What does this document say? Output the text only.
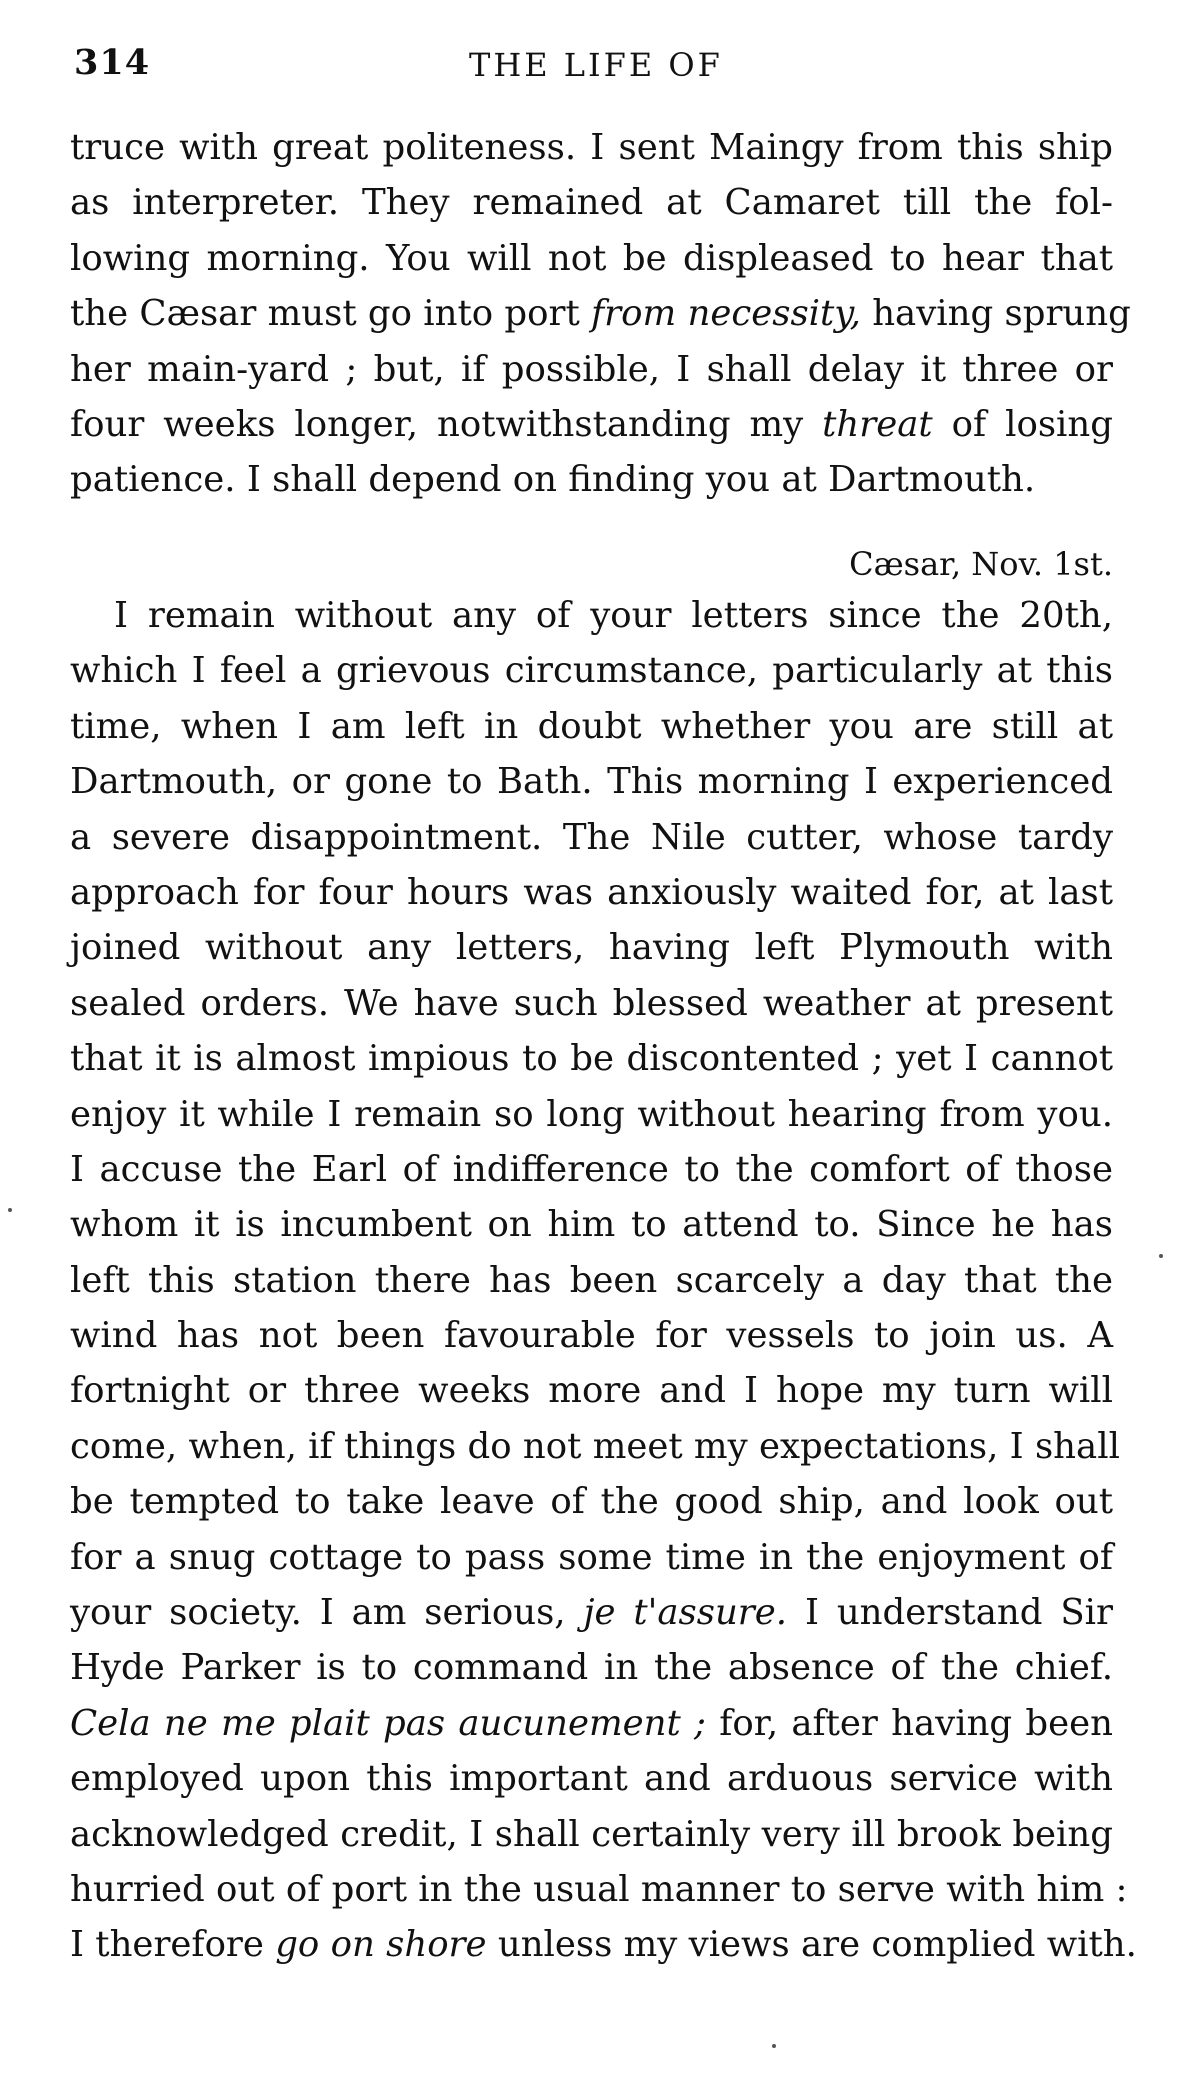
314	THE LIFE OF
truce with great politeness. I sent Maingy from this ship
as interpreter. They remained at Camaret till the fol-
lowing morning. You will not be displeased to hear that
the Cæsar must go into port from necessity, having sprung
her main-yard ; but, if possible, I shall delay it three or
four weeks longer, notwithstanding my threat of losing
patience. I shall depend on finding you at Dartmouth.
Cæsar, Nov. 1st.
I remain without any of your letters since the 20th,
which I feel a grievous circumstance, particularly at this
time, when I am left in doubt whether you are still at
Dartmouth, or gone to Bath. This morning I experienced
a severe disappointment. The Nile cutter, whose tardy
approach for four hours was anxiously waited for, at last
joined without any letters, having left Plymouth with
sealed orders. We have such blessed weather at present
that it is almost impious to be discontented ; yet I cannot
enjoy it while I remain so long without hearing from you.
I accuse the Earl of indifference to the comfort of those
whom it is incumbent on him to attend to. Since he has
left this station there has been scarcely a day that the
wind has not been favourable for vessels to join us. A
fortnight or three weeks more and I hope my turn will
come, when, if things do not meet my expectations, I shall
be tempted to take leave of the good ship, and look out
for a snug cottage to pass some time in the enjoyment of
your society. I am serious, je t'assure. I understand Sir
Hyde Parker is to command in the absence of the chief.
Cela ne me plait pas aucunement ; for, after having been
employed upon this important and arduous service with
acknowledged credit, I shall certainly very ill brook being
hurried out of port in the usual manner to serve with him :
I therefore go on shore unless my views are complied with.
